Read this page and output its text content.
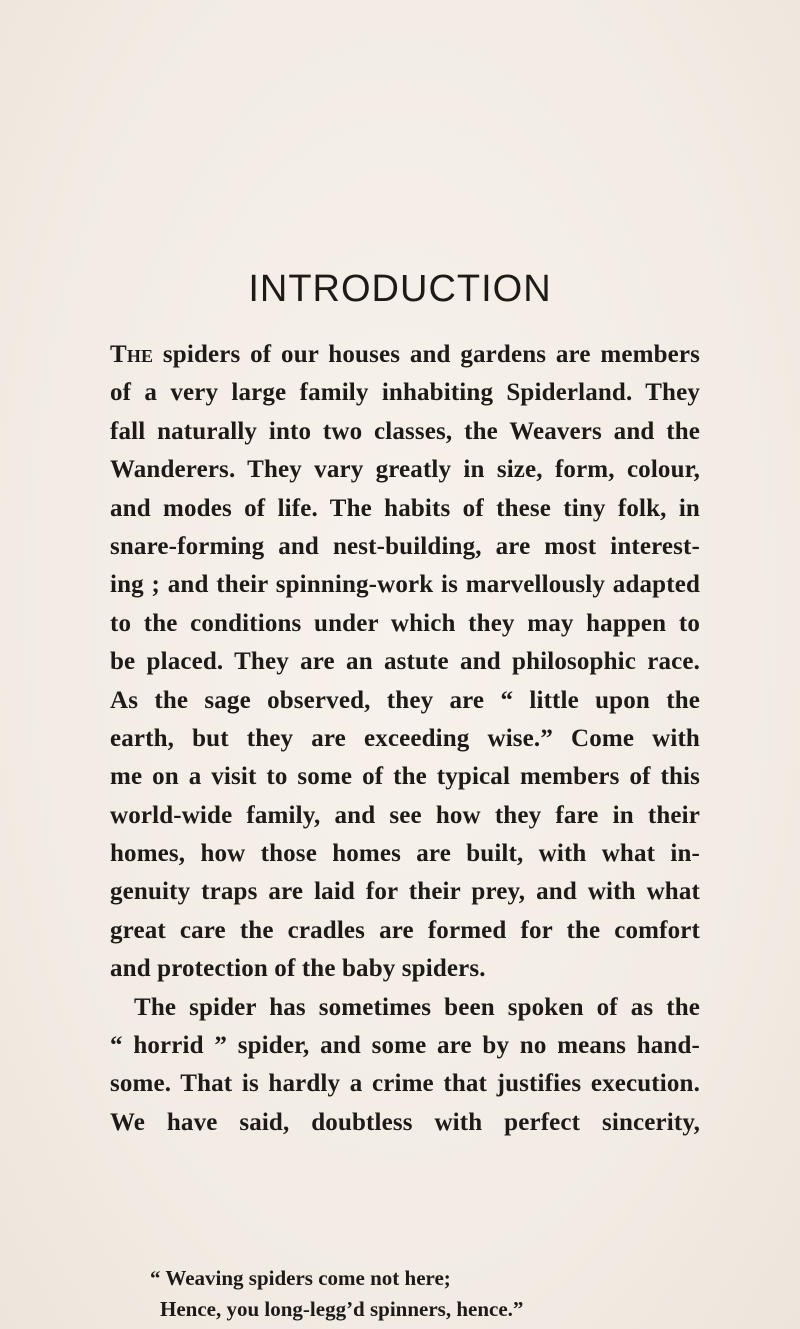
INTRODUCTION
The spiders of our houses and gardens are members
of a very large family inhabiting Spiderland. They
fall naturally into two classes, the Weavers and the
Wanderers. They vary greatly in size, form, colour,
and modes of life. The habits of these tiny folk, in
snare-forming and nest-building, are most interest-
ing ; and their spinning-work is marvellously adapted
to the conditions under which they may happen to
be placed. They are an astute and philosophic race.
As the sage observed, they are “ little upon the
earth, but they are exceeding wise.” Come with
me on a visit to some of the typical members of this
world-wide family, and see how they fare in their
homes, how those homes are built, with what in-
genuity traps are laid for their prey, and with what
great care the cradles are formed for the comfort
and protection of the baby spiders.
The spider has sometimes been spoken of as the
“ horrid ” spider, and some are by no means hand-
some. That is hardly a crime that justifies execution.
We have said, doubtless with perfect sincerity,
“ Weaving spiders come not here;
Hence, you long-legg’d spinners, hence.”
